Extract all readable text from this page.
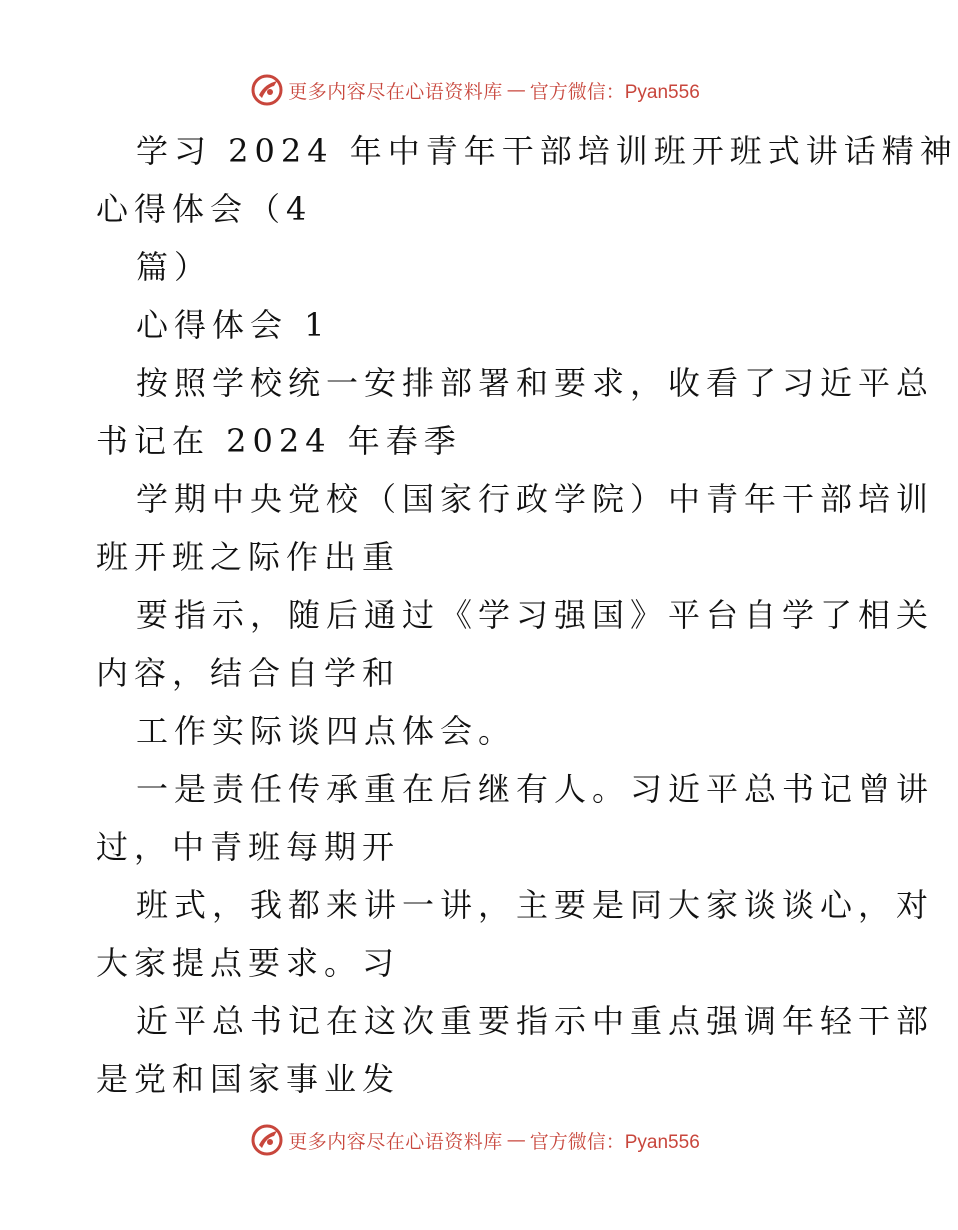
更多内容尽在心语资料库 — 官方微信：Pyan556
学习 2024 年中青年干部培训班开班式讲话精神
心得体会（4
篇）
心得体会 1
按照学校统一安排部署和要求，收看了习近平总
书记在 2024 年春季
学期中央党校（国家行政学院）中青年干部培训
班开班之际作出重
要指示，随后通过《学习强国》平台自学了相关
内容，结合自学和
工作实际谈四点体会。
一是责任传承重在后继有人。习近平总书记曾讲
过，中青班每期开
班式，我都来讲一讲，主要是同大家谈谈心，对
大家提点要求。习
近平总书记在这次重要指示中重点强调年轻干部
是党和国家事业发
更多内容尽在心语资料库 — 官方微信：Pyan556
